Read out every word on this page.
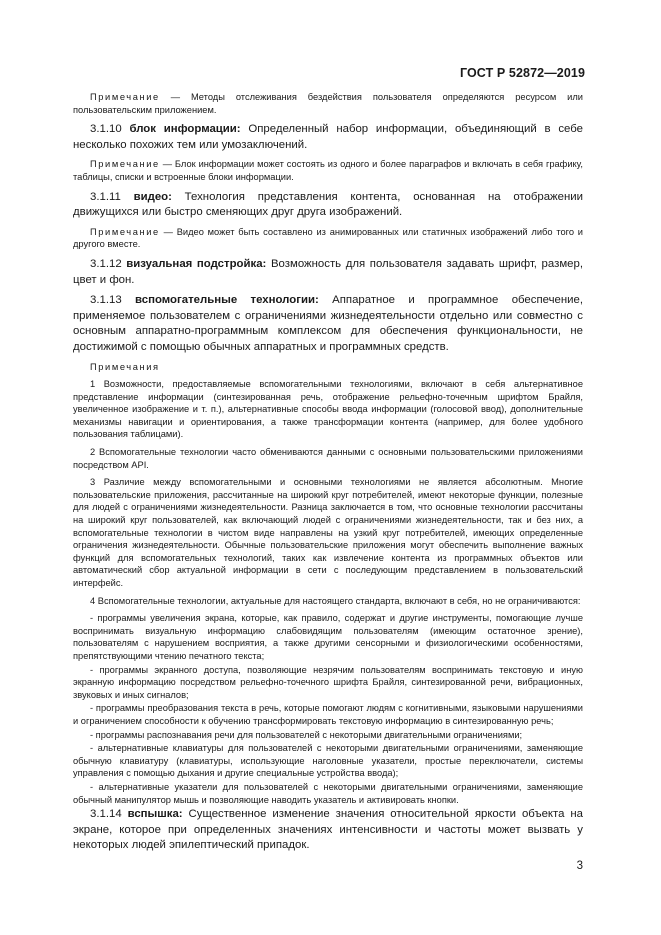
ГОСТ Р 52872—2019

Примечание — Методы отслеживания бездействия пользователя определяются ресурсом или пользовательским приложением.

3.1.10 блок информации: Определенный набор информации, объединяющий в себе несколько похожих тем или умозаключений.

Примечание — Блок информации может состоять из одного и более параграфов и включать в себя графику, таблицы, списки и встроенные блоки информации.

3.1.11 видео: Технология представления контента, основанная на отображении движущихся или быстро сменяющих друг друга изображений.

Примечание — Видео может быть составлено из анимированных или статичных изображений либо того и другого вместе.

3.1.12 визуальная подстройка: Возможность для пользователя задавать шрифт, размер, цвет и фон.

3.1.13 вспомогательные технологии: Аппаратное и программное обеспечение, применяемое пользователем с ограничениями жизнедеятельности отдельно или совместно с основным аппаратно-программным комплексом для обеспечения функциональности, не достижимой с помощью обычных аппаратных и программных средств.

Примечания

1 Возможности, предоставляемые вспомогательными технологиями, включают в себя альтернативное представление информации (синтезированная речь, отображение рельефно-точечным шрифтом Брайля, увеличенное изображение и т. п.), альтернативные способы ввода информации (голосовой ввод), дополнительные механизмы навигации и ориентирования, а также трансформации контента (например, для более удобного пользования таблицами).

2 Вспомогательные технологии часто обмениваются данными с основными пользовательскими приложениями посредством API.

3 Различие между вспомогательными и основными технологиями не является абсолютным. Многие пользовательские приложения, рассчитанные на широкий круг потребителей, имеют некоторые функции, полезные для людей с ограничениями жизнедеятельности. Разница заключается в том, что основные технологии рассчитаны на широкий круг пользователей, как включающий людей с ограничениями жизнедеятельности, так и без них, а вспомогательные технологии в чистом виде направлены на узкий круг потребителей, имеющих определенные ограничения жизнедеятельности. Обычные пользовательские приложения могут обеспечить выполнение важных функций для вспомогательных технологий, таких как извлечение контента из программных объектов или автоматический сбор актуальной информации в сети с последующим представлением в пользовательский интерфейс.

4 Вспомогательные технологии, актуальные для настоящего стандарта, включают в себя, но не ограничиваются:

- программы увеличения экрана, которые, как правило, содержат и другие инструменты, помогающие лучше воспринимать визуальную информацию слабовидящим пользователям (имеющим остаточное зрение), пользователям с нарушением восприятия, а также другими сенсорными и физиологическими особенностями, препятствующими чтению печатного текста;

- программы экранного доступа, позволяющие незрячим пользователям воспринимать текстовую и иную экранную информацию посредством рельефно-точечного шрифта Брайля, синтезированной речи, вибрационных, звуковых и иных сигналов;

- программы преобразования текста в речь, которые помогают людям с когнитивными, языковыми нарушениями и ограничением способности к обучению трансформировать текстовую информацию в синтезированную речь;

- программы распознавания речи для пользователей с некоторыми двигательными ограничениями;

- альтернативные клавиатуры для пользователей с некоторыми двигательными ограничениями, заменяющие обычную клавиатуру (клавиатуры, использующие наголовные указатели, простые переключатели, системы управления с помощью дыхания и другие специальные устройства ввода);

- альтернативные указатели для пользователей с некоторыми двигательными ограничениями, заменяющие обычный манипулятор мышь и позволяющие наводить указатель и активировать кнопки.

3.1.14 вспышка: Существенное изменение значения относительной яркости объекта на экране, которое при определенных значениях интенсивности и частоты может вызвать у некоторых людей эпилептический припадок.

3
